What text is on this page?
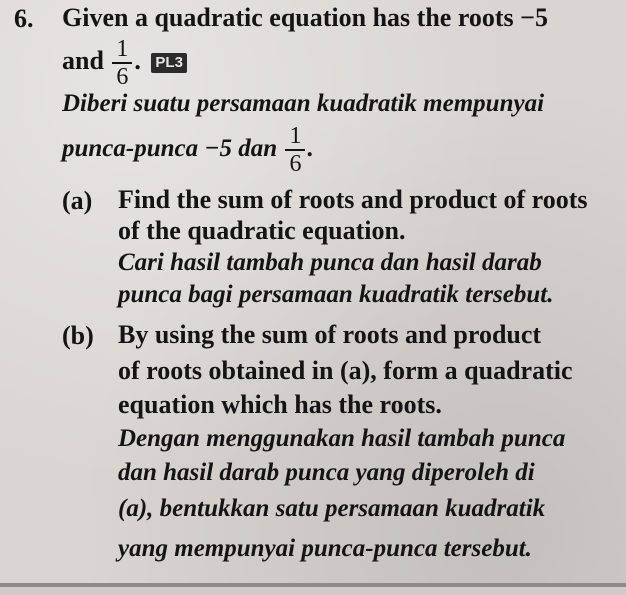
6. Given a quadratic equation has the roots −5
and $\frac{1}{6}$ . PL3
Diberi suatu persamaan kuadratik mempunyai
punca-punca −5 dan $\frac{1}{6}$ .
(a) Find the sum of roots and product of roots
of the quadratic equation.
Cari hasil tambah punca dan hasil darab
punca bagi persamaan kuadratik tersebut.
(b) By using the sum of roots and product
of roots obtained in (a), form a quadratic
equation which has the roots.
Dengan menggunakan hasil tambah punca
dan hasil darab punca yang diperoleh di
(a), bentukkan satu persamaan kuadratik
yang mempunyai punca-punca tersebut.
